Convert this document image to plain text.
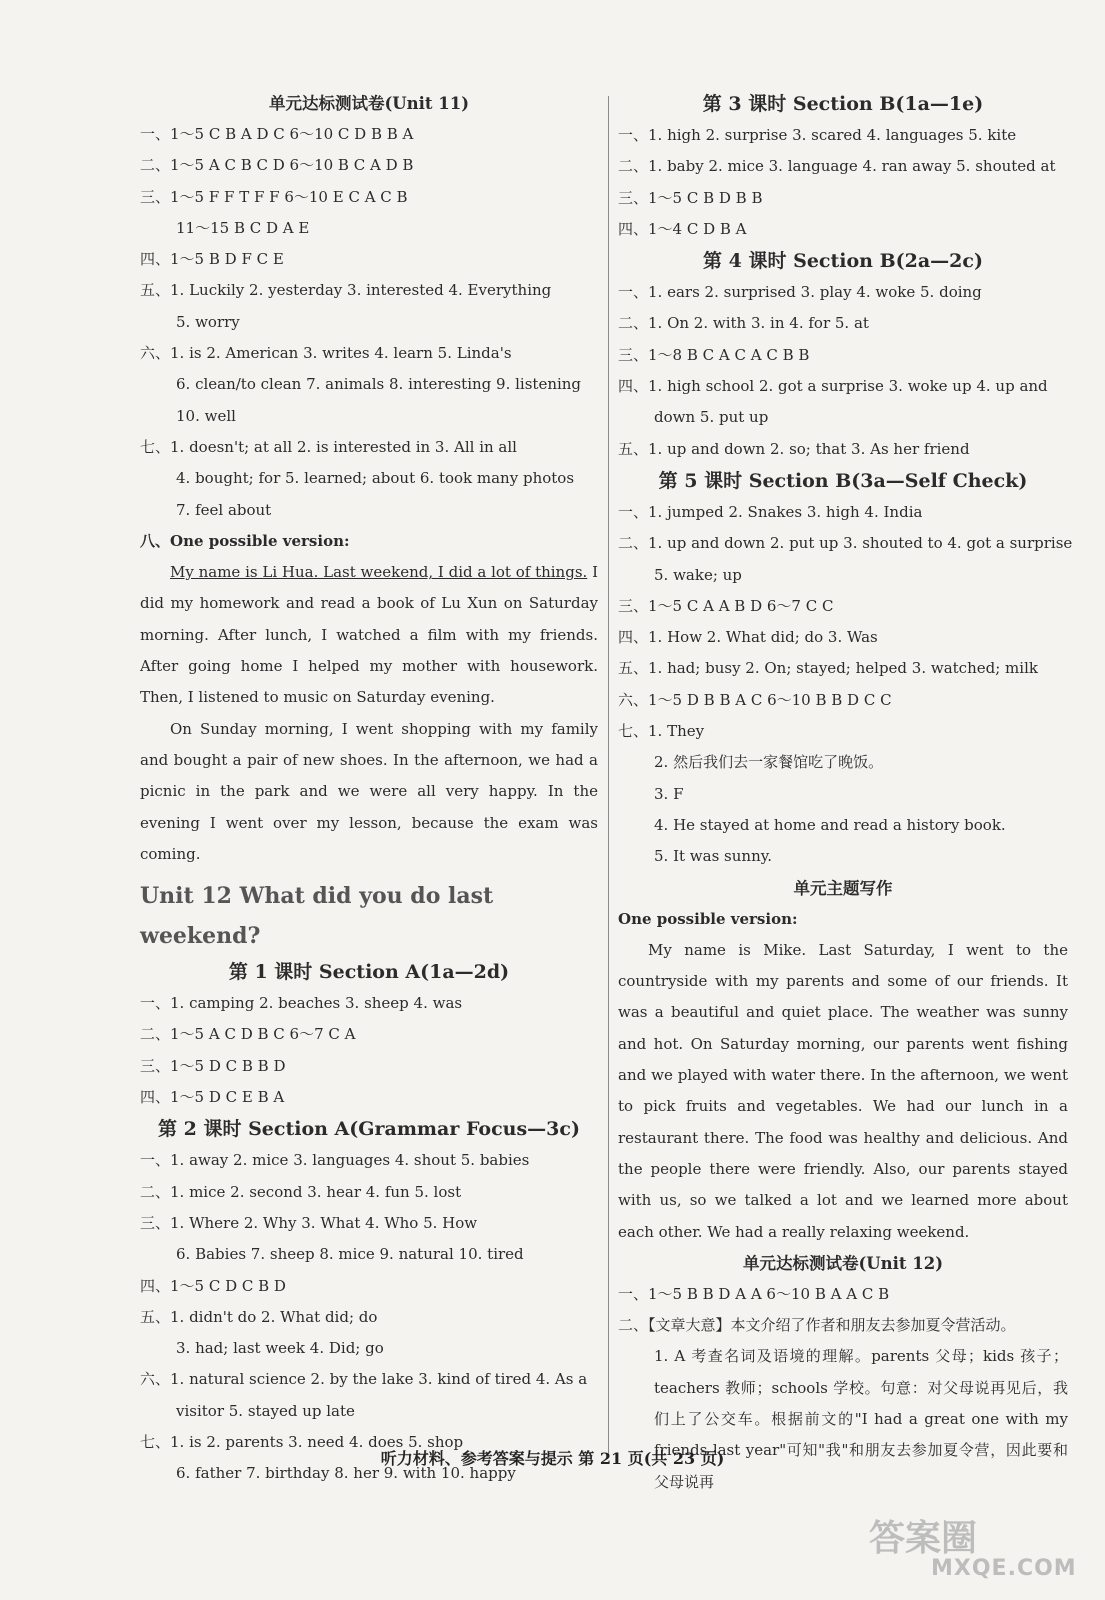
单元达标测试卷(Unit 11)
一、1～5 C B A D C 6～10 C D B B A
二、1～5 A C B C D 6～10 B C A D B
三、1～5 F F T F F 6～10 E C A C B
11～15 B C D A E
四、1～5 B D F C E
五、1. Luckily 2. yesterday 3. interested 4. Everything
5. worry
六、1. is 2. American 3. writes 4. learn 5. Linda's
6. clean/to clean 7. animals 8. interesting 9. listening
10. well
七、1. doesn't; at all 2. is interested in 3. All in all
4. bought; for 5. learned; about 6. took many photos
7. feel about
八、One possible version:
My name is Li Hua. Last weekend, I did a lot of things. I did my homework and read a book of Lu Xun on Saturday morning. After lunch, I watched a film with my friends. After going home I helped my mother with housework. Then, I listened to music on Saturday evening.
On Sunday morning, I went shopping with my family and bought a pair of new shoes. In the afternoon, we had a picnic in the park and we were all very happy. In the evening I went over my lesson, because the exam was coming.
Unit 12 What did you do last weekend?
第 1 课时 Section A(1a—2d)
一、1. camping 2. beaches 3. sheep 4. was
二、1～5 A C D B C 6～7 C A
三、1～5 D C B B D
四、1～5 D C E B A
第 2 课时 Section A(Grammar Focus—3c)
一、1. away 2. mice 3. languages 4. shout 5. babies
二、1. mice 2. second 3. hear 4. fun 5. lost
三、1. Where 2. Why 3. What 4. Who 5. How
6. Babies 7. sheep 8. mice 9. natural 10. tired
四、1～5 C D C B D
五、1. didn't do 2. What did; do
3. had; last week 4. Did; go
六、1. natural science 2. by the lake 3. kind of tired 4. As a
visitor 5. stayed up late
七、1. is 2. parents 3. need 4. does 5. shop
6. father 7. birthday 8. her 9. with 10. happy
第 3 课时 Section B(1a—1e)
一、1. high 2. surprise 3. scared 4. languages 5. kite
二、1. baby 2. mice 3. language 4. ran away 5. shouted at
三、1～5 C B D B B
四、1～4 C D B A
第 4 课时 Section B(2a—2c)
一、1. ears 2. surprised 3. play 4. woke 5. doing
二、1. On 2. with 3. in 4. for 5. at
三、1～8 B C A C A C B B
四、1. high school 2. got a surprise 3. woke up 4. up and
down 5. put up
五、1. up and down 2. so; that 3. As her friend
第 5 课时 Section B(3a—Self Check)
一、1. jumped 2. Snakes 3. high 4. India
二、1. up and down 2. put up 3. shouted to 4. got a surprise
5. wake; up
三、1～5 C A A B D 6～7 C C
四、1. How 2. What did; do 3. Was
五、1. had; busy 2. On; stayed; helped 3. watched; milk
六、1～5 D B B A C 6～10 B B D C C
七、1. They
2. 然后我们去一家餐馆吃了晚饭。
3. F
4. He stayed at home and read a history book.
5. It was sunny.
单元主题写作
One possible version:
My name is Mike. Last Saturday, I went to the countryside with my parents and some of our friends. It was a beautiful and quiet place. The weather was sunny and hot. On Saturday morning, our parents went fishing and we played with water there. In the afternoon, we went to pick fruits and vegetables. We had our lunch in a restaurant there. The food was healthy and delicious. And the people there were friendly. Also, our parents stayed with us, so we talked a lot and we learned more about each other. We had a really relaxing weekend.
单元达标测试卷(Unit 12)
一、1～5 B B D A A 6～10 B A A C B
二、【文章大意】本文介绍了作者和朋友去参加夏令营活动。
1. A 考查名词及语境的理解。parents 父母；kids 孩子；teachers 教师；schools 学校。句意：对父母说再见后，我们上了公交车。根据前文的"I had a great one with my friends last year"可知"我"和朋友去参加夏令营，因此要和父母说再
听力材料、参考答案与提示 第 21 页(共 23 页)
答案圈
MXQE.COM
